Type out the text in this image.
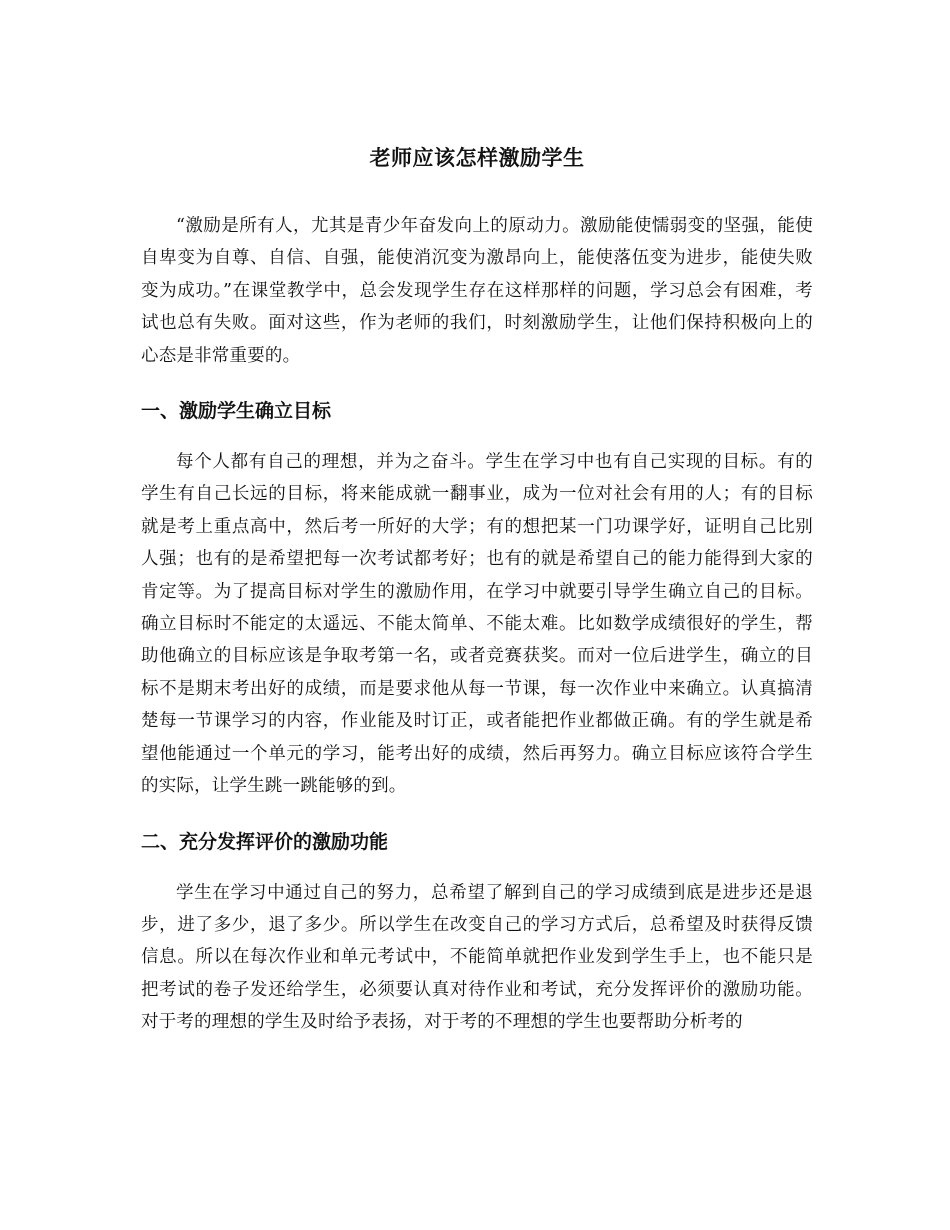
老师应该怎样激励学生

“激励是所有人，尤其是青少年奋发向上的原动力。激励能使懦弱变的坚强，能使自卑变为自尊、自信、自强，能使消沉变为激昂向上，能使落伍变为进步，能使失败变为成功。”在课堂教学中，总会发现学生存在这样那样的问题，学习总会有困难，考试也总有失败。面对这些，作为老师的我们，时刻激励学生，让他们保持积极向上的心态是非常重要的。

一、激励学生确立目标

每个人都有自己的理想，并为之奋斗。学生在学习中也有自己实现的目标。有的学生有自己长远的目标，将来能成就一翻事业，成为一位对社会有用的人；有的目标就是考上重点高中，然后考一所好的大学；有的想把某一门功课学好，证明自己比别人强；也有的是希望把每一次考试都考好；也有的就是希望自己的能力能得到大家的肯定等。为了提高目标对学生的激励作用，在学习中就要引导学生确立自己的目标。确立目标时不能定的太遥远、不能太简单、不能太难。比如数学成绩很好的学生，帮助他确立的目标应该是争取考第一名，或者竞赛获奖。而对一位后进学生，确立的目标不是期末考出好的成绩，而是要求他从每一节课，每一次作业中来确立。认真搞清楚每一节课学习的内容，作业能及时订正，或者能把作业都做正确。有的学生就是希望他能通过一个单元的学习，能考出好的成绩，然后再努力。确立目标应该符合学生的实际，让学生跳一跳能够的到。

二、充分发挥评价的激励功能

学生在学习中通过自己的努力，总希望了解到自己的学习成绩到底是进步还是退步，进了多少，退了多少。所以学生在改变自己的学习方式后，总希望及时获得反馈信息。所以在每次作业和单元考试中，不能简单就把作业发到学生手上，也不能只是把考试的卷子发还给学生，必须要认真对待作业和考试，充分发挥评价的激励功能。对于考的理想的学生及时给予表扬，对于考的不理想的学生也要帮助分析考的
